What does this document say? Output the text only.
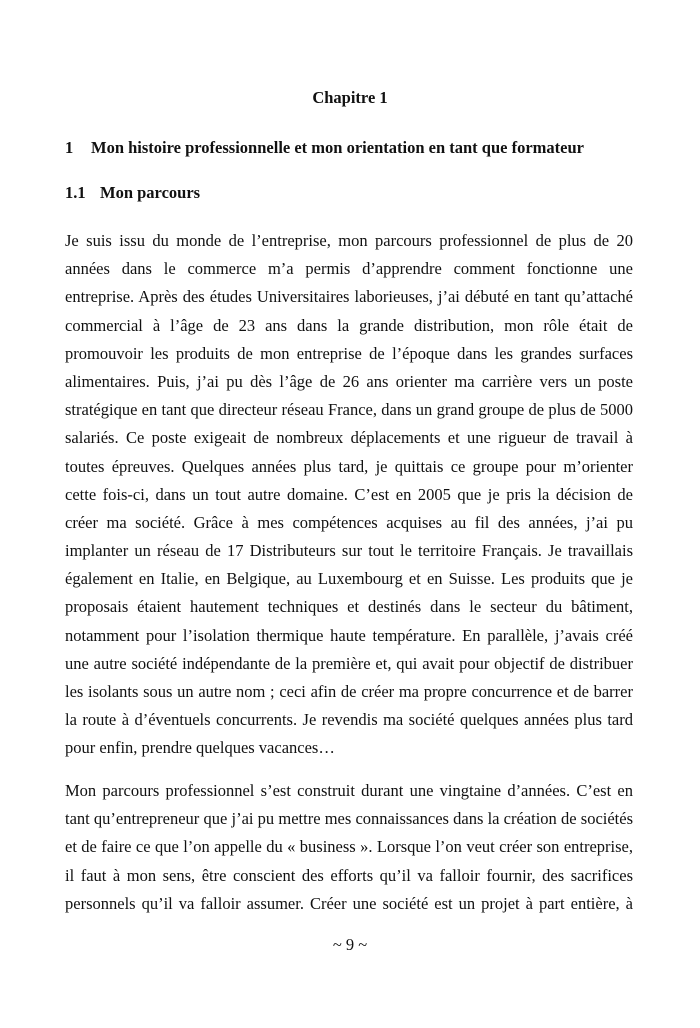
Chapitre 1
1 Mon histoire professionnelle et mon orientation en tant que formateur
1.1 Mon parcours
Je suis issu du monde de l’entreprise, mon parcours professionnel de plus de 20
années dans le commerce m’a permis d’apprendre comment fonctionne une
entreprise. Après des études Universitaires laborieuses, j’ai débuté en tant qu’attaché
commercial à l’âge de 23 ans dans la grande distribution, mon rôle était de
promouvoir les produits de mon entreprise de l’époque dans les grandes surfaces
alimentaires. Puis, j’ai pu dès l’âge de 26 ans orienter ma carrière vers un poste
stratégique en tant que directeur réseau France, dans un grand groupe de plus de 5000
salariés. Ce poste exigeait de nombreux déplacements et une rigueur de travail à
toutes épreuves. Quelques années plus tard, je quittais ce groupe pour m’orienter
cette fois-ci, dans un tout autre domaine. C’est en 2005 que je pris la décision de
créer ma société. Grâce à mes compétences acquises au fil des années, j’ai pu
implanter un réseau de 17 Distributeurs sur tout le territoire Français. Je travaillais
également en Italie, en Belgique, au Luxembourg et en Suisse. Les produits que je
proposais étaient hautement techniques et destinés dans le secteur du bâtiment,
notamment pour l’isolation thermique haute température. En parallèle, j’avais créé
une autre société indépendante de la première et, qui avait pour objectif de distribuer
les isolants sous un autre nom ; ceci afin de créer ma propre concurrence et de barrer
la route à d’éventuels concurrents. Je revendis ma société quelques années plus tard
pour enfin, prendre quelques vacances…
Mon parcours professionnel s’est construit durant une vingtaine d’années. C’est en
tant qu’entrepreneur que j’ai pu mettre mes connaissances dans la création de sociétés
et de faire ce que l’on appelle du « business ». Lorsque l’on veut créer son entreprise,
il faut à mon sens, être conscient des efforts qu’il va falloir fournir, des sacrifices
personnels qu’il va falloir assumer. Créer une société est un projet à part entière, à
~ 9 ~
